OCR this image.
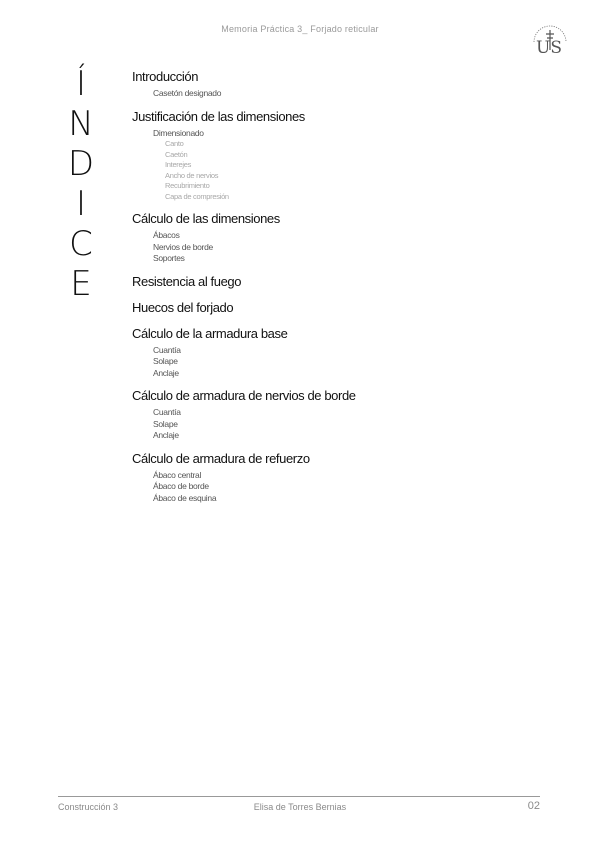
Memoria Práctica 3_ Forjado reticular
US
Í
N
D
I
C
E
Introducción
Casetón designado
Justificación de las dimensiones
Dimensionado
Canto
Caetón
Interejes
Ancho de nervios
Recubrimiento
Capa de compresión
Cálculo de las dimensiones
Ábacos
Nervios de borde
Soportes
Resistencia al fuego
Huecos del forjado
Cálculo de la armadura base
Cuantía
Solape
Anclaje
Cálculo de armadura de nervios de borde
Cuantía
Solape
Anclaje
Cálculo de armadura de refuerzo
Ábaco central
Ábaco de borde
Ábaco de esquina
Construcción 3	Elisa de Torres Bernias	02
